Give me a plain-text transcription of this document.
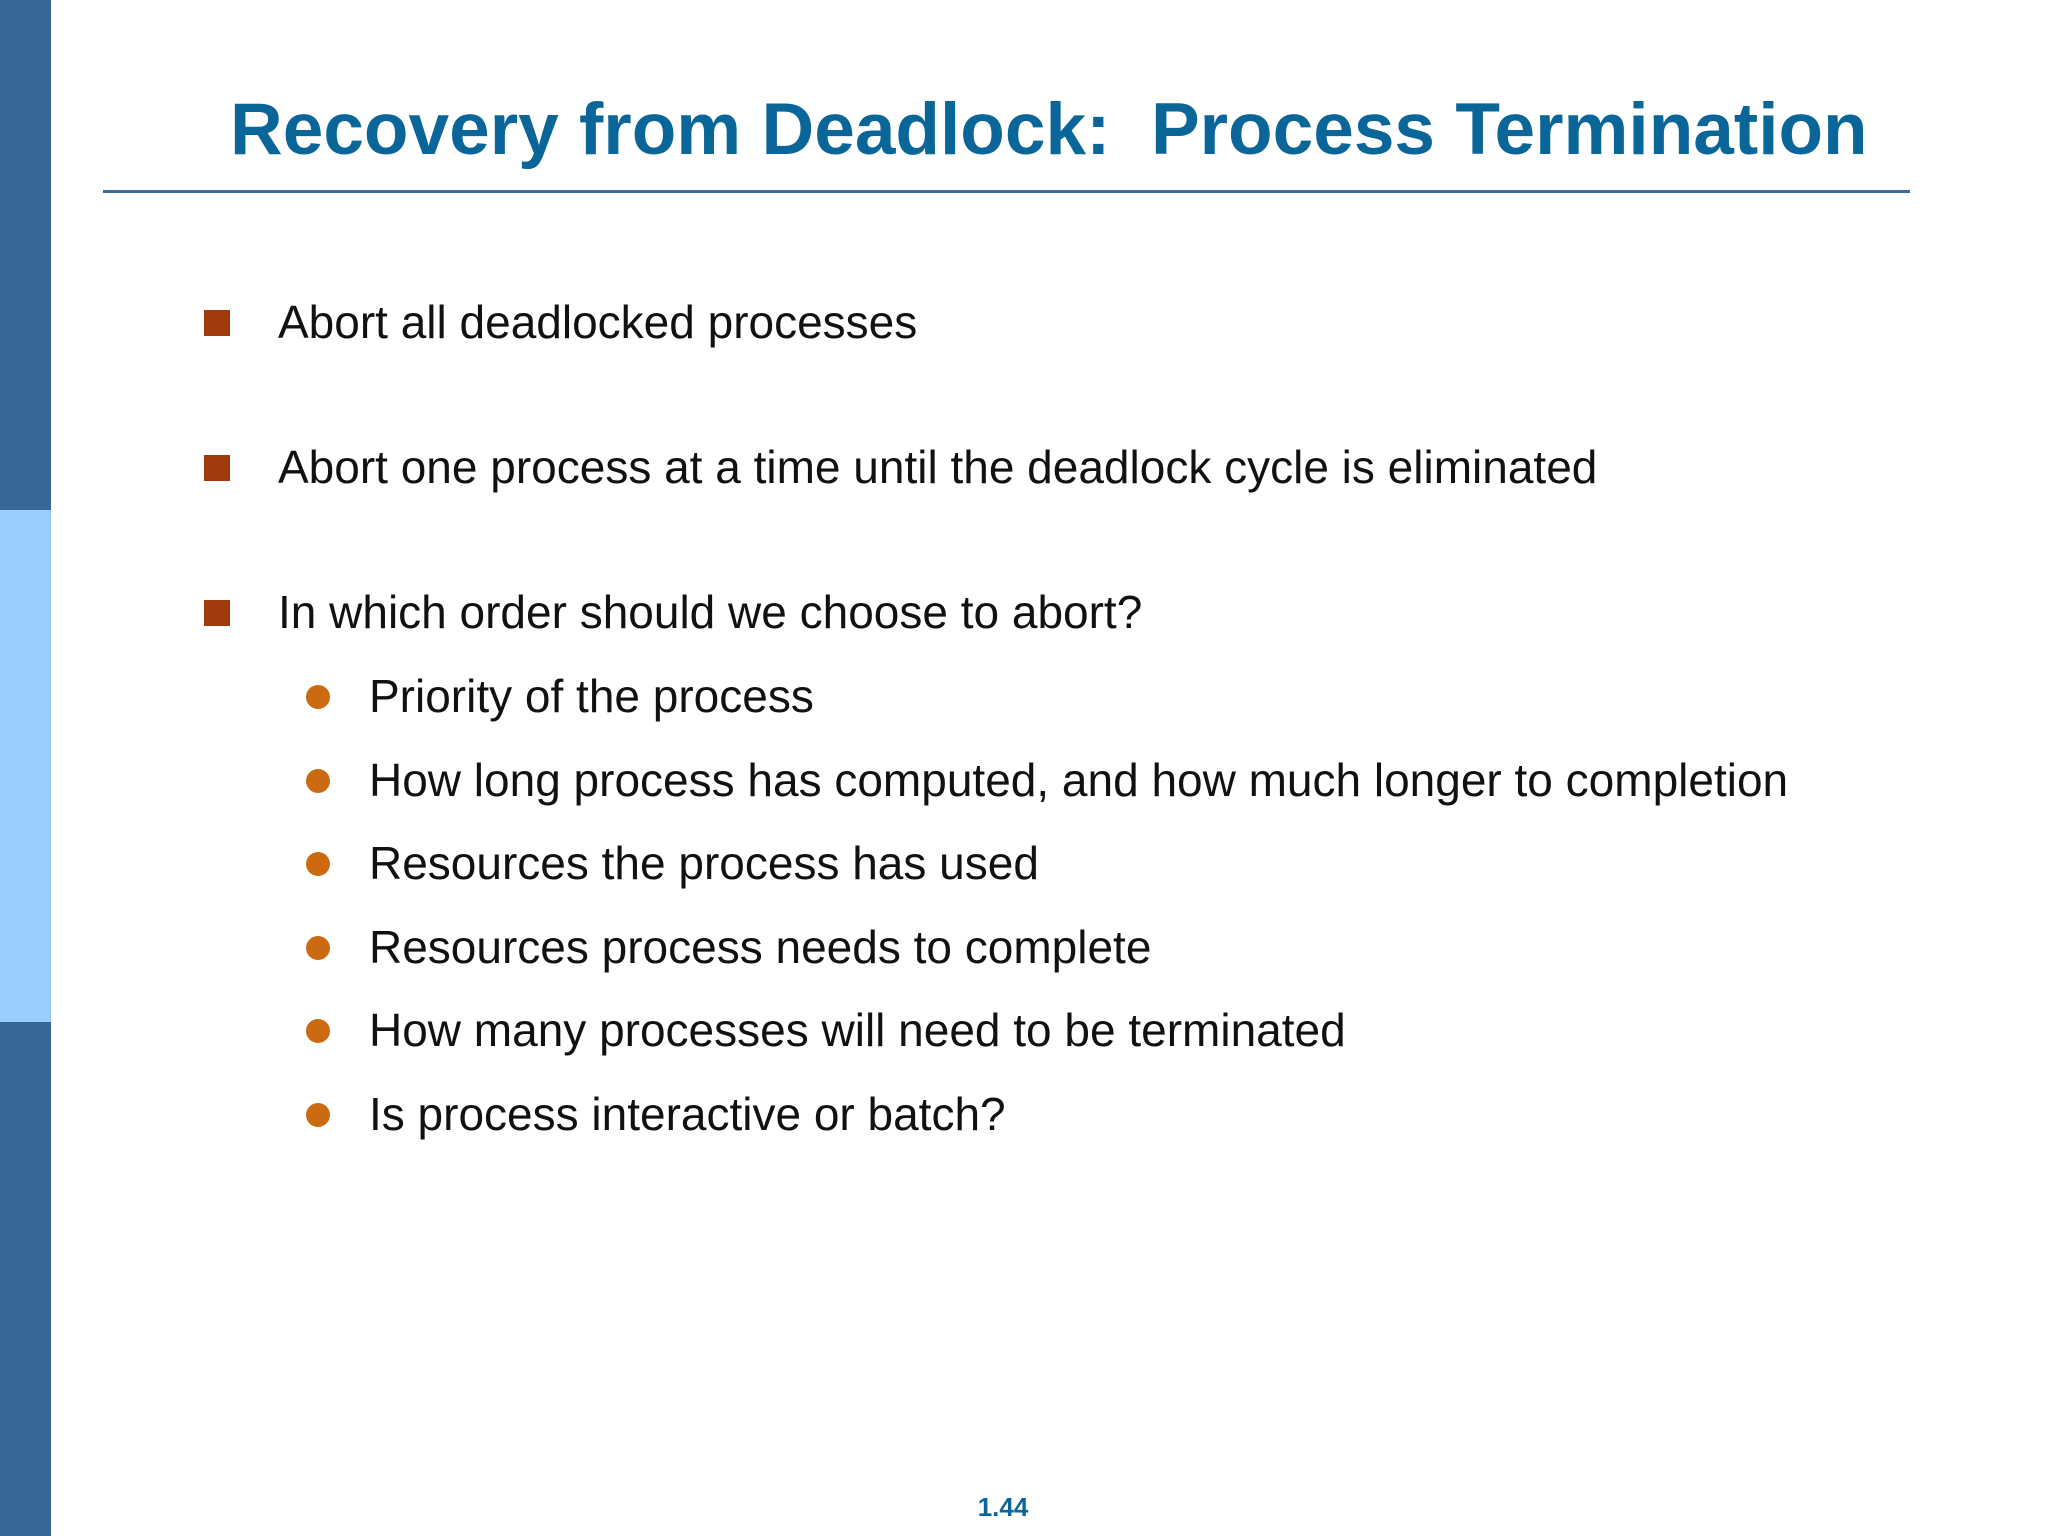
Recovery from Deadlock:  Process Termination
Abort all deadlocked processes
Abort one process at a time until the deadlock cycle is eliminated
In which order should we choose to abort?
Priority of the process
How long process has computed, and how much longer to completion
Resources the process has used
Resources process needs to complete
How many processes will need to be terminated
Is process interactive or batch?
1.44
